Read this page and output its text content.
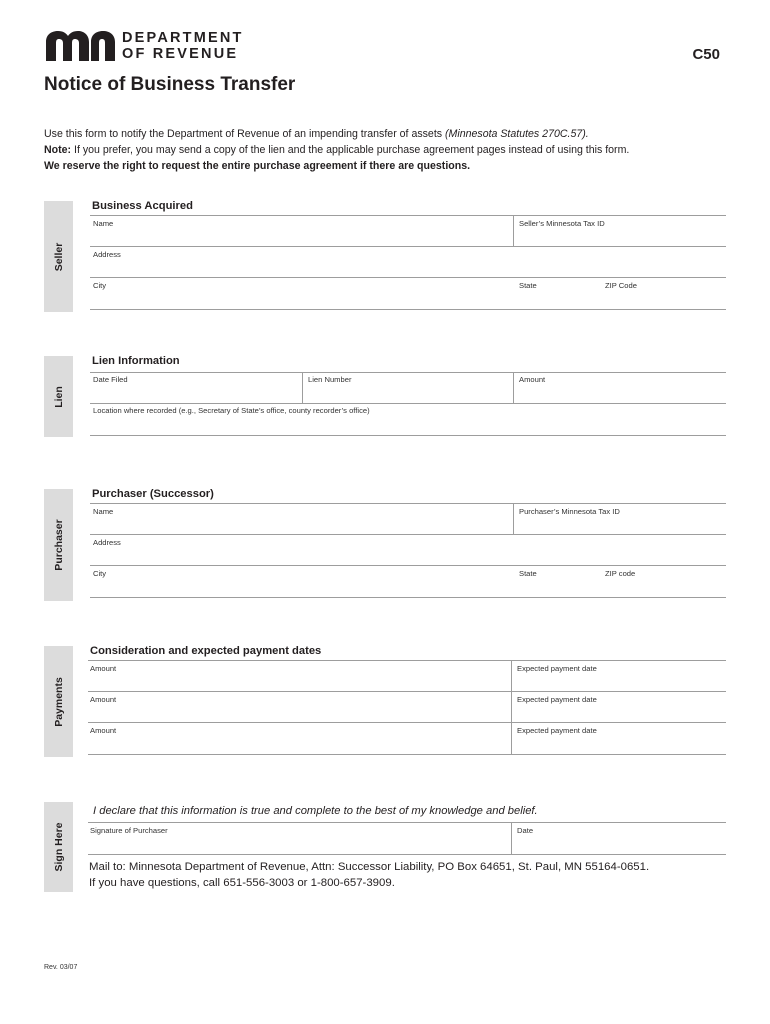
DEPARTMENT
OF REVENUE	C50
Notice of Business Transfer

Use this form to notify the Department of Revenue of an impending transfer of assets (Minnesota Statutes 270C.57).

Note: If you prefer, you may send a copy of the lien and the applicable purchase agreement pages instead of using this form.

We reserve the right to request the entire purchase agreement if there are questions.

Seller
Business Acquired
Name	Seller’s Minnesota Tax ID
Address
City	State	ZIP Code
Lien
Lien Information
Date Filed	Lien Number	Amount
Location where recorded (e.g., Secretary of State’s office, county recorder’s office)
Purchaser
Purchaser (Successor)
Name	Purchaser’s Minnesota Tax ID
Address
City	State	ZIP code
Payments
Consideration and expected payment dates
Amount	Expected payment date
Amount	Expected payment date
Amount	Expected payment date
Sign Here
I declare that this information is true and complete to the best of my knowledge and belief.
Signature of Purchaser	Date

Mail to: Minnesota Department of Revenue, Attn: Successor Liability, PO Box 64651, St. Paul, MN 55164-0651.

If you have questions, call 651-556-3003 or 1-800-657-3909.

Rev. 03/07
